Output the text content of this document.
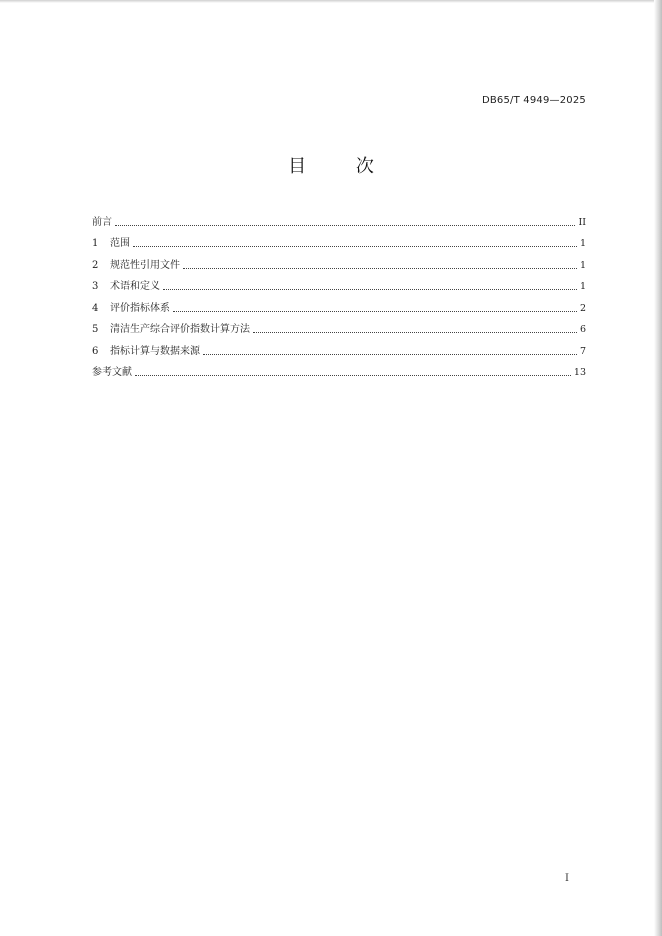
DB65/T 4949—2025
目 次
前言	II
1	范围	1
2	规范性引用文件	1
3	术语和定义	1
4	评价指标体系	2
5	清洁生产综合评价指数计算方法	6
6	指标计算与数据来源	7
参考文献	13
I
